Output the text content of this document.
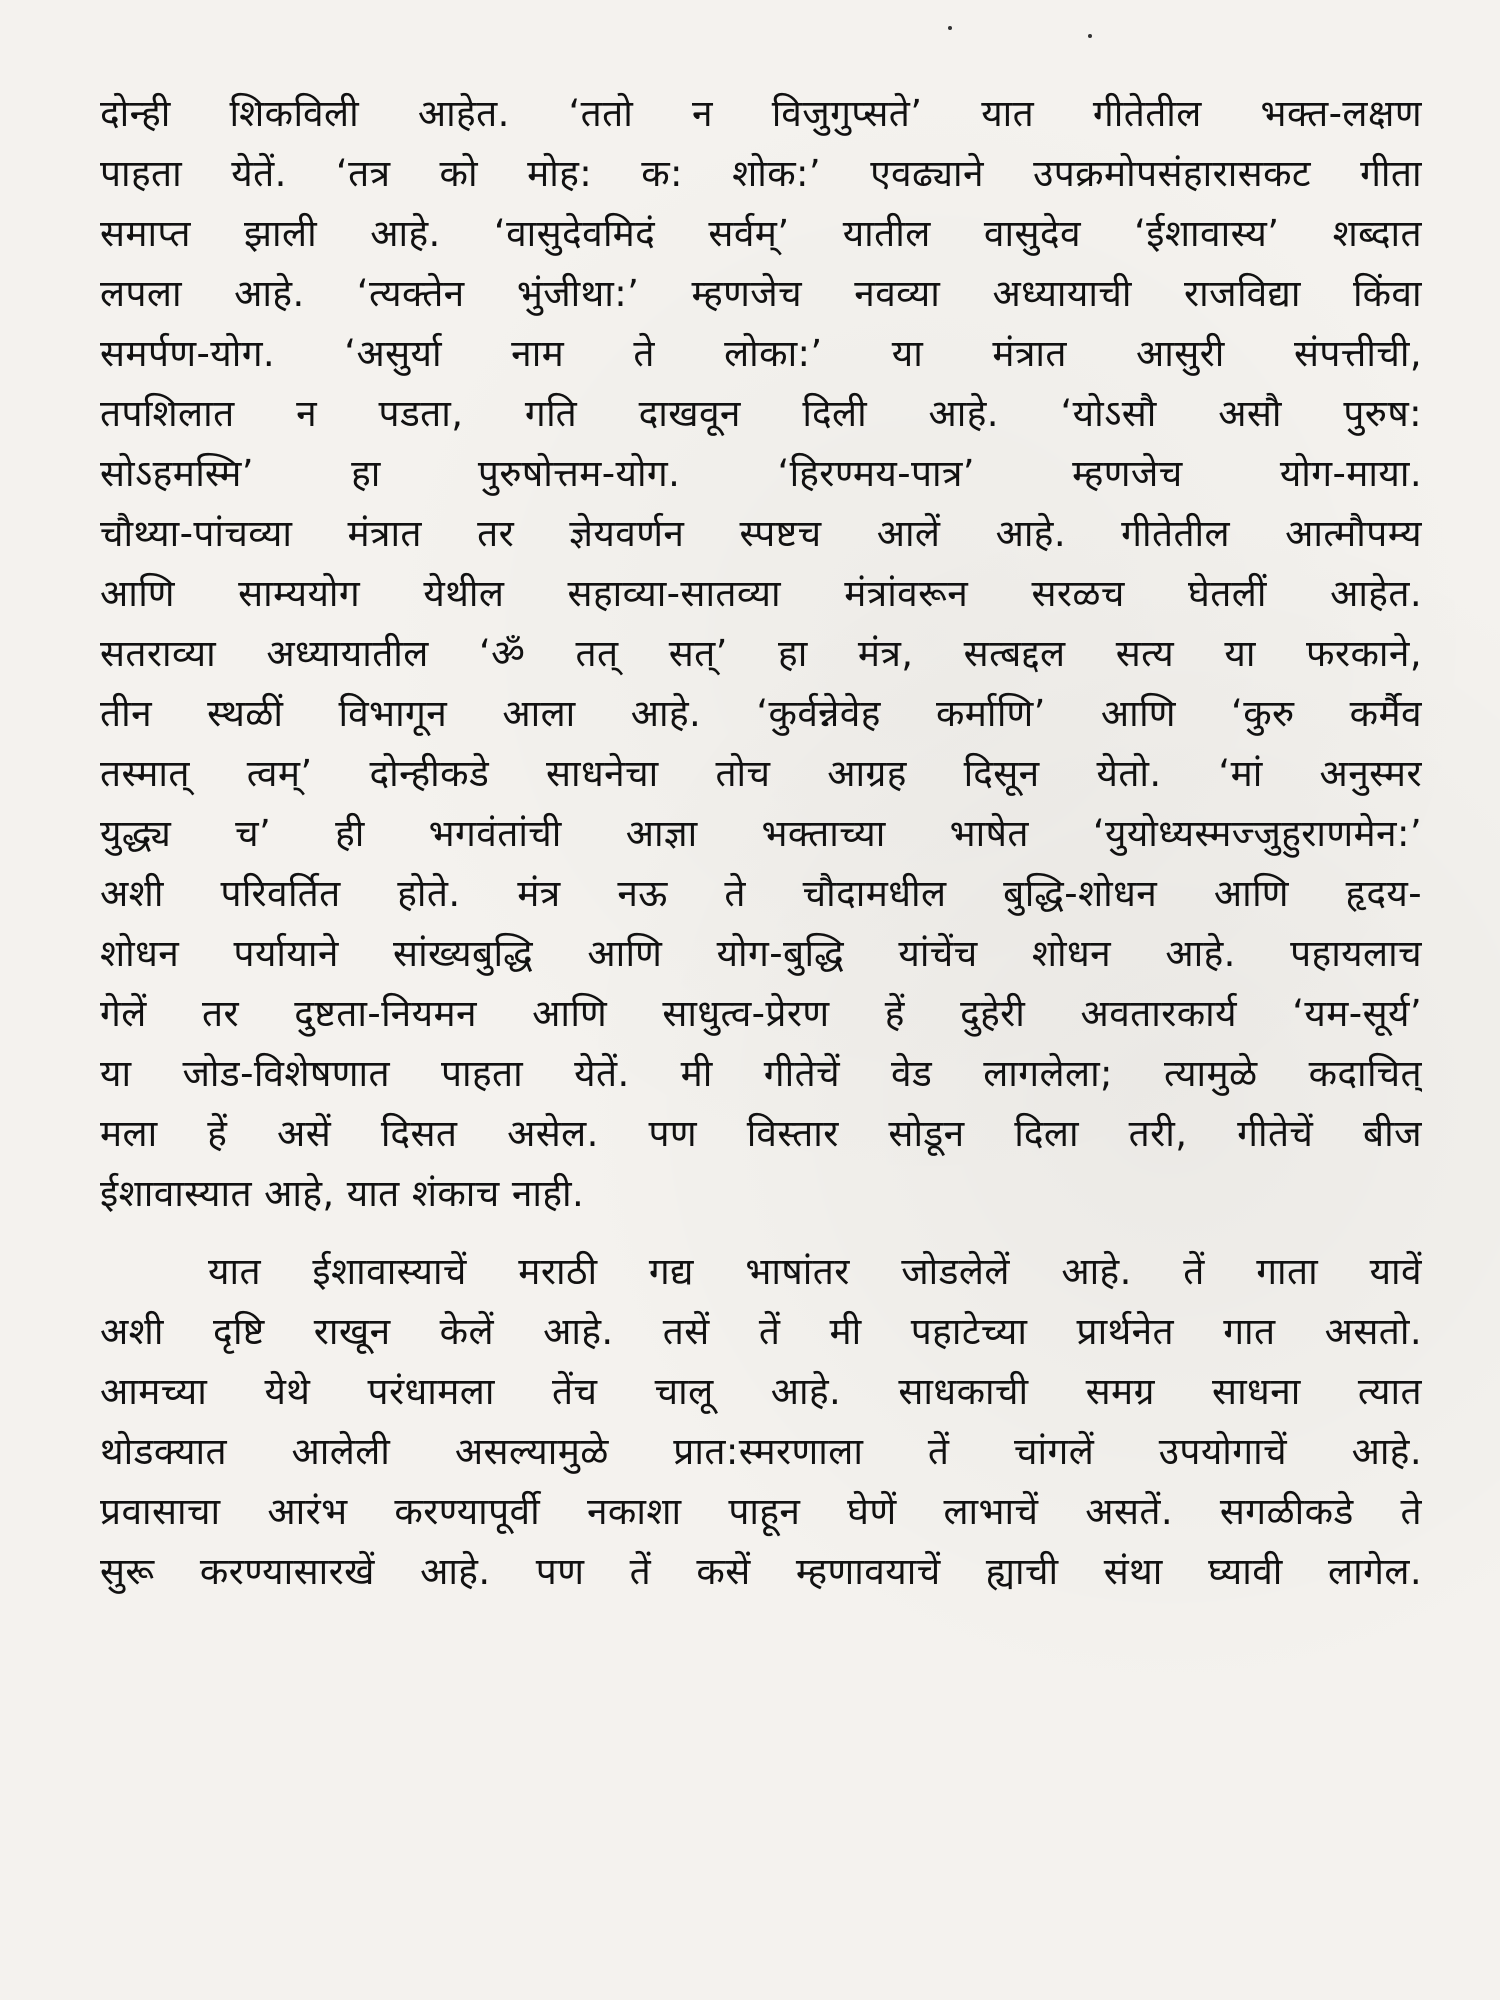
दोन्ही शिकविली आहेत. ‘ततो न विजुगुप्सते’ यात गीतेतील भक्त-लक्षण
पाहता येतें. ‘तत्र को मोह: क: शोक:’ एवढ्याने उपक्रमोपसंहारासकट गीता
समाप्त झाली आहे. ‘वासुदेवमिदं सर्वम्’ यातील वासुदेव ‘ईशावास्य’ शब्दात
लपला आहे. ‘त्यक्तेन भुंजीथा:’ म्हणजेच नवव्या अध्यायाची राजविद्या किंवा
समर्पण-योग. ‘असुर्या नाम ते लोका:’ या मंत्रात आसुरी संपत्तीची,
तपशिलात न पडता, गति दाखवून दिली आहे. ‘योऽसौ असौ पुरुष:
सोऽहमस्मि’ हा पुरुषोत्तम-योग. ‘हिरण्मय-पात्र’ म्हणजेच योग-माया.
चौथ्या-पांचव्या मंत्रात तर ज्ञेयवर्णन स्पष्टच आलें आहे. गीतेतील आत्मौपम्य
आणि साम्ययोग येथील सहाव्या-सातव्या मंत्रांवरून सरळच घेतलीं आहेत.
सतराव्या अध्यायातील ‘ॐ तत् सत्’ हा मंत्र, सत्बद्दल सत्य या फरकाने,
तीन स्थळीं विभागून आला आहे. ‘कुर्वन्नेवेह कर्माणि’ आणि ‘कुरु कर्मैव
तस्मात् त्वम्’ दोन्हीकडे साधनेचा तोच आग्रह दिसून येतो. ‘मां अनुस्मर
युद्ध्य च’ ही भगवंतांची आज्ञा भक्ताच्या भाषेत ‘युयोध्यस्मज्जुहुराणमेन:’
अशी परिवर्तित होते. मंत्र नऊ ते चौदामधील बुद्धि-शोधन आणि हृदय-
शोधन पर्यायाने सांख्यबुद्धि आणि योग-बुद्धि यांचेंच शोधन आहे. पहायलाच
गेलें तर दुष्टता-नियमन आणि साधुत्व-प्रेरण हें दुहेरी अवतारकार्य ‘यम-सूर्य’
या जोड-विशेषणात पाहता येतें. मी गीतेचें वेड लागलेला; त्यामुळे कदाचित्
मला हें असें दिसत असेल. पण विस्तार सोडून दिला तरी, गीतेचें बीज
ईशावास्यात आहे, यात शंकाच नाही.
यात ईशावास्याचें मराठी गद्य भाषांतर जोडलेलें आहे. तें गाता यावें
अशी दृष्टि राखून केलें आहे. तसें तें मी पहाटेच्या प्रार्थनेत गात असतो.
आमच्या येथे परंधामला तेंच चालू आहे. साधकाची समग्र साधना त्यात
थोडक्यात आलेली असल्यामुळे प्रात:स्मरणाला तें चांगलें उपयोगाचें आहे.
प्रवासाचा आरंभ करण्यापूर्वी नकाशा पाहून घेणें लाभाचें असतें. सगळीकडे ते
सुरू करण्यासारखें आहे. पण तें कसें म्हणावयाचें ह्याची संथा घ्यावी लागेल.
